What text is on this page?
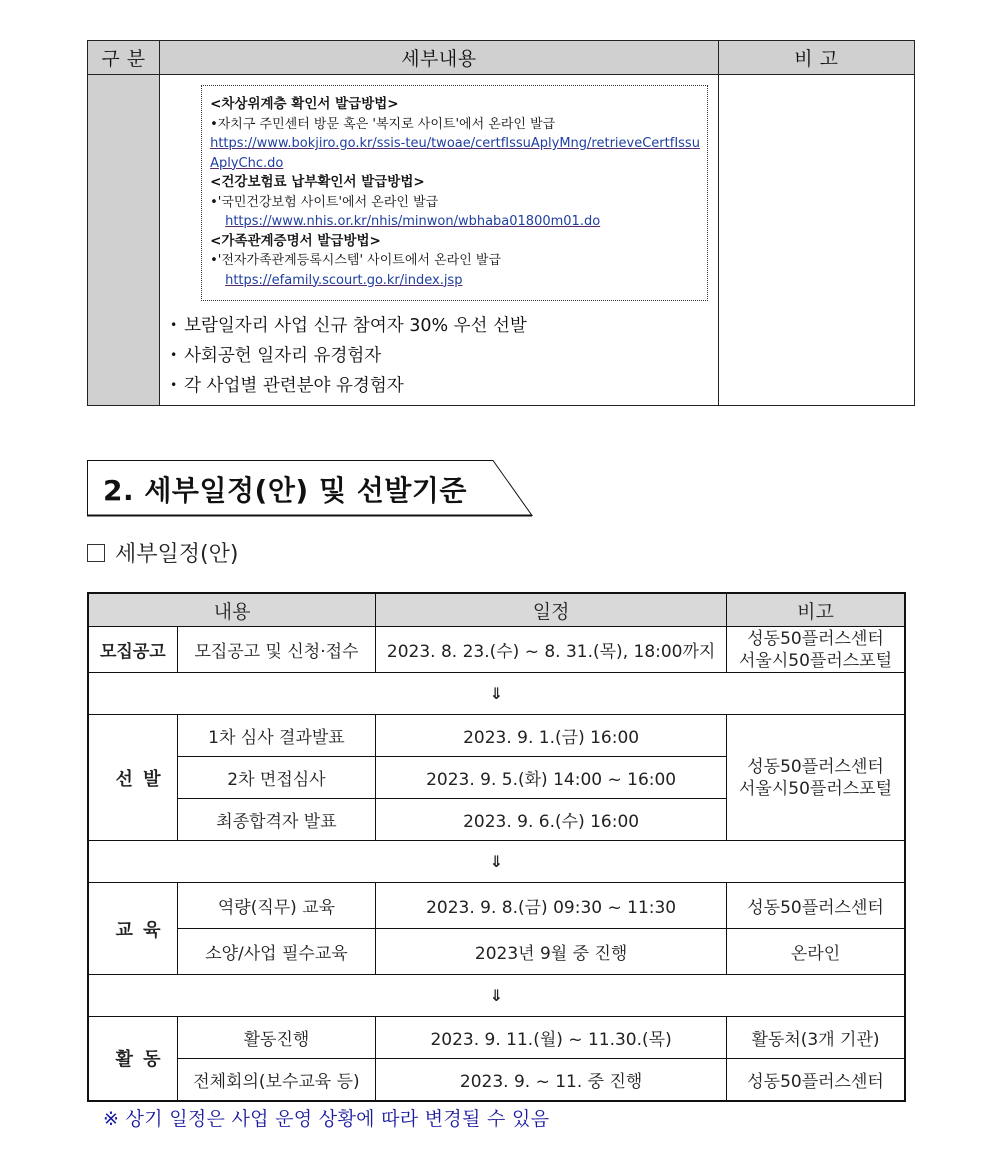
구 분	세부내용	비 고

<차상위계층 확인서 발급방법>
•자치구 주민센터 방문 혹은 '복지로 사이트'에서 온라인 발급
https://www.bokjiro.go.kr/ssis-teu/twoae/certfIssuAplyMng/retrieveCertfIssuAplyChc.do
<건강보험료 납부확인서 발급방법>
•'국민건강보험 사이트'에서 온라인 발급
https://www.nhis.or.kr/nhis/minwon/wbhaba01800m01.do
<가족관계증명서 발급방법>
•'전자가족관계등록시스템' 사이트에서 온라인 발급
https://efamily.scourt.go.kr/index.jsp
• 보람일자리 사업 신규 참여자 30% 우선 선발
• 사회공헌 일자리 유경험자
• 각 사업별 관련분야 유경험자

2. 세부일정(안) 및 선발기준
세부일정(안)
내용		일정	비고
모집공고	모집공고 및 신청·접수	2023. 8. 23.(수) ~ 8. 31.(목), 18:00까지	성동50플러스센터
서울시50플러스포털

⇓			
선 발	1차 심사 결과발표	2023. 9. 1.(금) 16:00	성동50플러스센터
서울시50플러스포털

	2차 면접심사	2023. 9. 5.(화) 14:00 ~ 16:00	
	최종합격자 발표	2023. 9. 6.(수) 16:00	
⇓			
교 육	역량(직무) 교육	2023. 9. 8.(금) 09:30 ~ 11:30	성동50플러스센터
	소양/사업 필수교육	2023년 9월 중 진행	온라인
⇓			
활 동	활동진행	2023. 9. 11.(월) ~ 11.30.(목)	활동처(3개 기관)
	전체회의(보수교육 등)	2023. 9. ~ 11. 중 진행	성동50플러스센터
※ 상기 일정은 사업 운영 상황에 따라 변경될 수 있음
